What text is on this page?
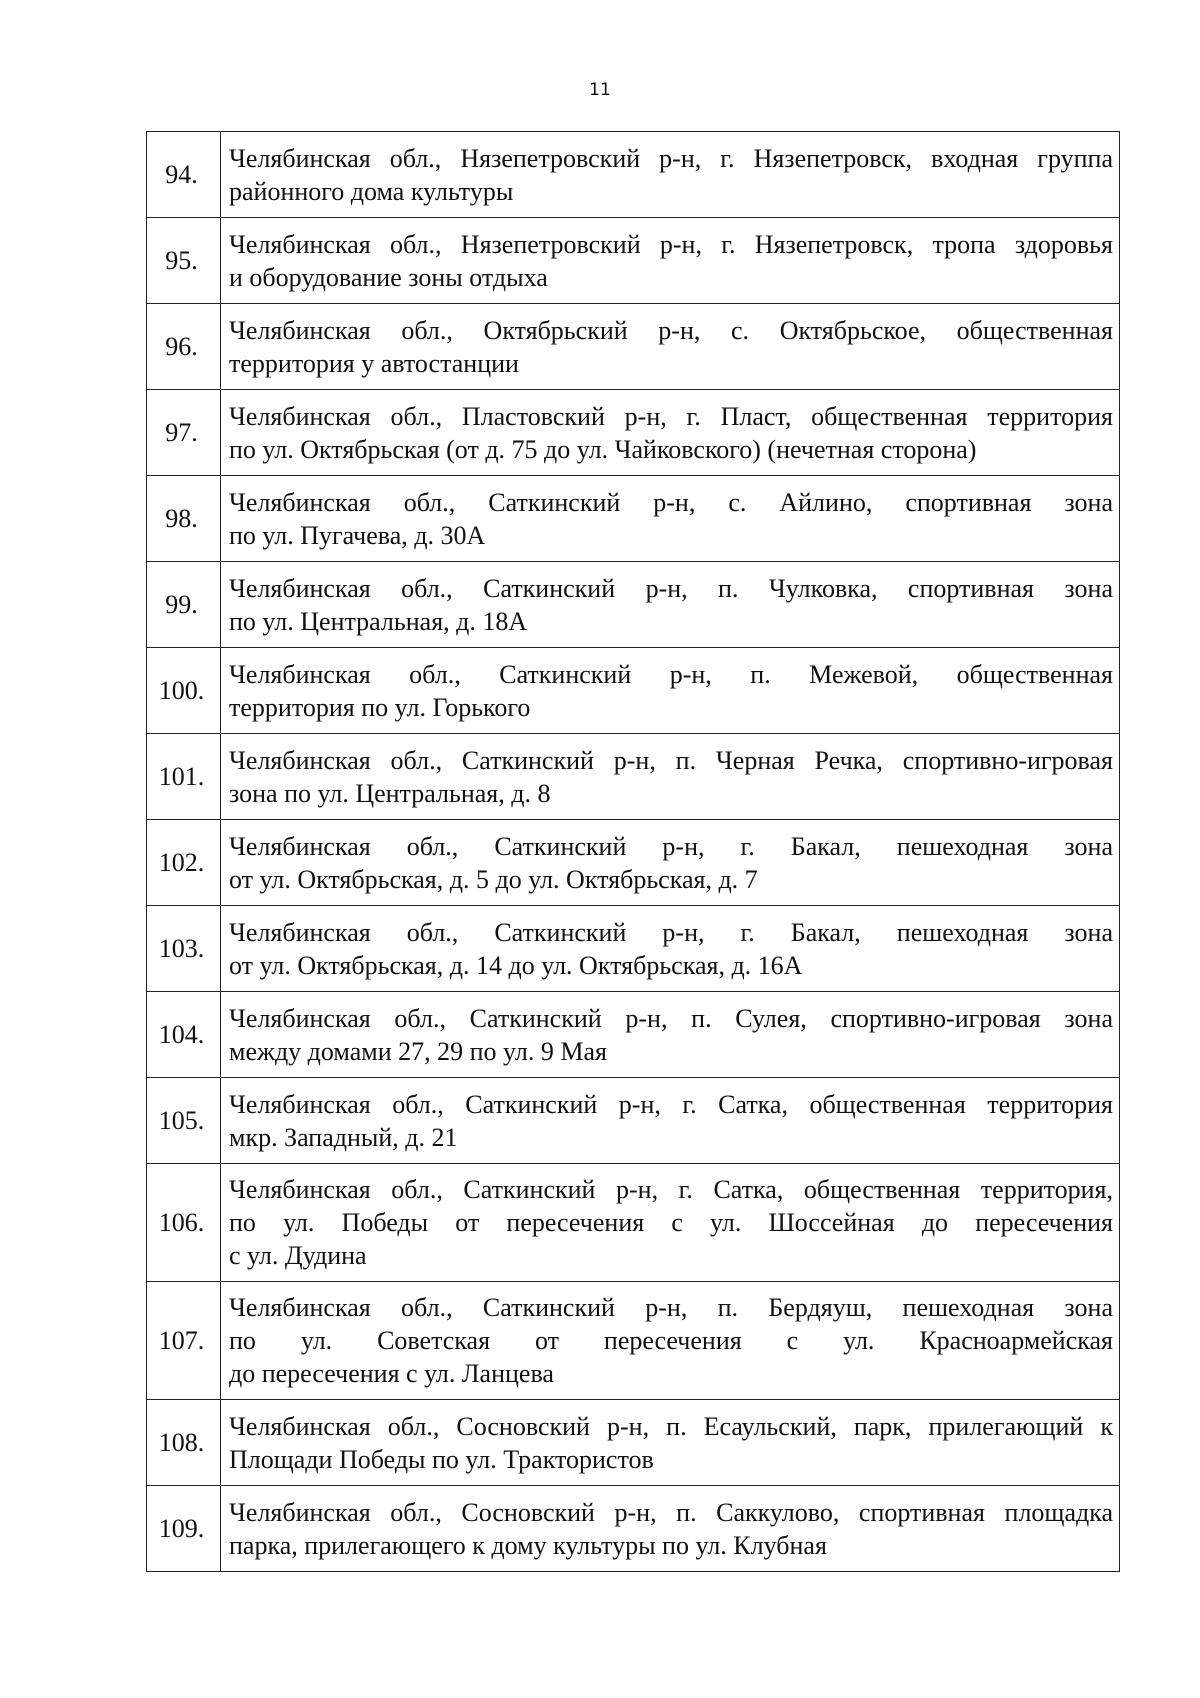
11
94.	Челябинская обл., Нязепетровский р-н, г. Нязепетровск, входная группа
районного дома культуры

95.	Челябинская обл., Нязепетровский р-н, г. Нязепетровск, тропа здоровья
и оборудование зоны отдыха

96.	Челябинская обл., Октябрьский р-н, с. Октябрьское, общественная
территория у автостанции

97.	Челябинская обл., Пластовский р-н, г. Пласт, общественная территория
по ул. Октябрьская (от д. 75 до ул. Чайковского) (нечетная сторона)

98.	Челябинская обл., Саткинский р-н, с. Айлино, спортивная зона
по ул. Пугачева, д. 30А

99.	Челябинская обл., Саткинский р-н, п. Чулковка, спортивная зона
по ул. Центральная, д. 18А

100.	Челябинская обл., Саткинский р-н, п. Межевой, общественная
территория по ул. Горького

101.	Челябинская обл., Саткинский р-н, п. Черная Речка, спортивно-игровая
зона по ул. Центральная, д. 8

102.	Челябинская обл., Саткинский р-н, г. Бакал, пешеходная зона
от ул. Октябрьская, д. 5 до ул. Октябрьская, д. 7

103.	Челябинская обл., Саткинский р-н, г. Бакал, пешеходная зона
от ул. Октябрьская, д. 14 до ул. Октябрьская, д. 16А

104.	Челябинская обл., Саткинский р-н, п. Сулея, спортивно-игровая зона
между домами 27, 29 по ул. 9 Мая

105.	Челябинская обл., Саткинский р-н, г. Сатка, общественная территория
мкр. Западный, д. 21

106.	Челябинская обл., Саткинский р-н, г. Сатка, общественная территория,
по ул. Победы от пересечения с ул. Шоссейная до пересечения
с ул. Дудина

107.	Челябинская обл., Саткинский р-н, п. Бердяуш, пешеходная зона
по ул. Советская от пересечения с ул. Красноармейская
до пересечения с ул. Ланцева

108.	Челябинская обл., Сосновский р-н, п. Есаульский, парк, прилегающий к
Площади Победы по ул. Трактористов

109.	Челябинская обл., Сосновский р-н, п. Саккулово, спортивная площадка
парка, прилегающего к дому культуры по ул. Клубная
